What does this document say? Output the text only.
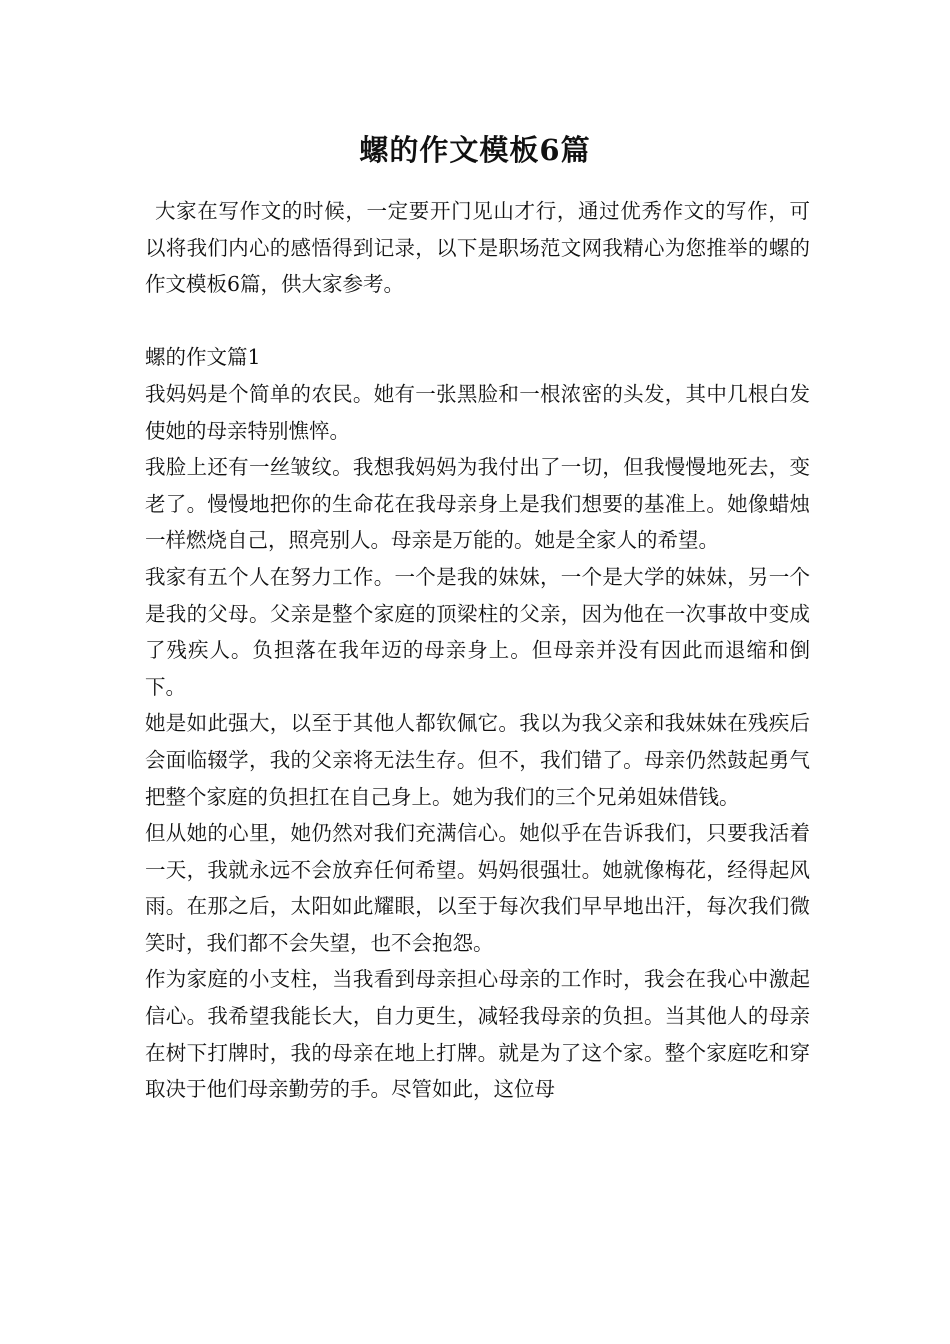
螺的作文模板6篇

大家在写作文的时候，一定要开门见山才行，通过优秀作文的写作，可以将我们内心的感悟得到记录，以下是职场范文网我精心为您推举的螺的作文模板6篇，供大家参考。

螺的作文篇1

我妈妈是个简单的农民。她有一张黑脸和一根浓密的头发，其中几根白发使她的母亲特别憔悴。

我脸上还有一丝皱纹。我想我妈妈为我付出了一切，但我慢慢地死去，变老了。慢慢地把你的生命花在我母亲身上是我们想要的基准上。她像蜡烛一样燃烧自己，照亮别人。母亲是万能的。她是全家人的希望。

我家有五个人在努力工作。一个是我的妹妹，一个是大学的妹妹，另一个是我的父母。父亲是整个家庭的顶梁柱的父亲，因为他在一次事故中变成了残疾人。负担落在我年迈的母亲身上。但母亲并没有因此而退缩和倒下。

她是如此强大，以至于其他人都钦佩它。我以为我父亲和我妹妹在残疾后会面临辍学，我的父亲将无法生存。但不，我们错了。母亲仍然鼓起勇气把整个家庭的负担扛在自己身上。她为我们的三个兄弟姐妹借钱。

但从她的心里，她仍然对我们充满信心。她似乎在告诉我们，只要我活着一天，我就永远不会放弃任何希望。妈妈很强壮。她就像梅花，经得起风雨。在那之后，太阳如此耀眼，以至于每次我们早早地出汗，每次我们微笑时，我们都不会失望，也不会抱怨。

作为家庭的小支柱，当我看到母亲担心母亲的工作时，我会在我心中激起信心。我希望我能长大，自力更生，减轻我母亲的负担。当其他人的母亲在树下打牌时，我的母亲在地上打牌。就是为了这个家。整个家庭吃和穿取决于他们母亲勤劳的手。尽管如此，这位母
